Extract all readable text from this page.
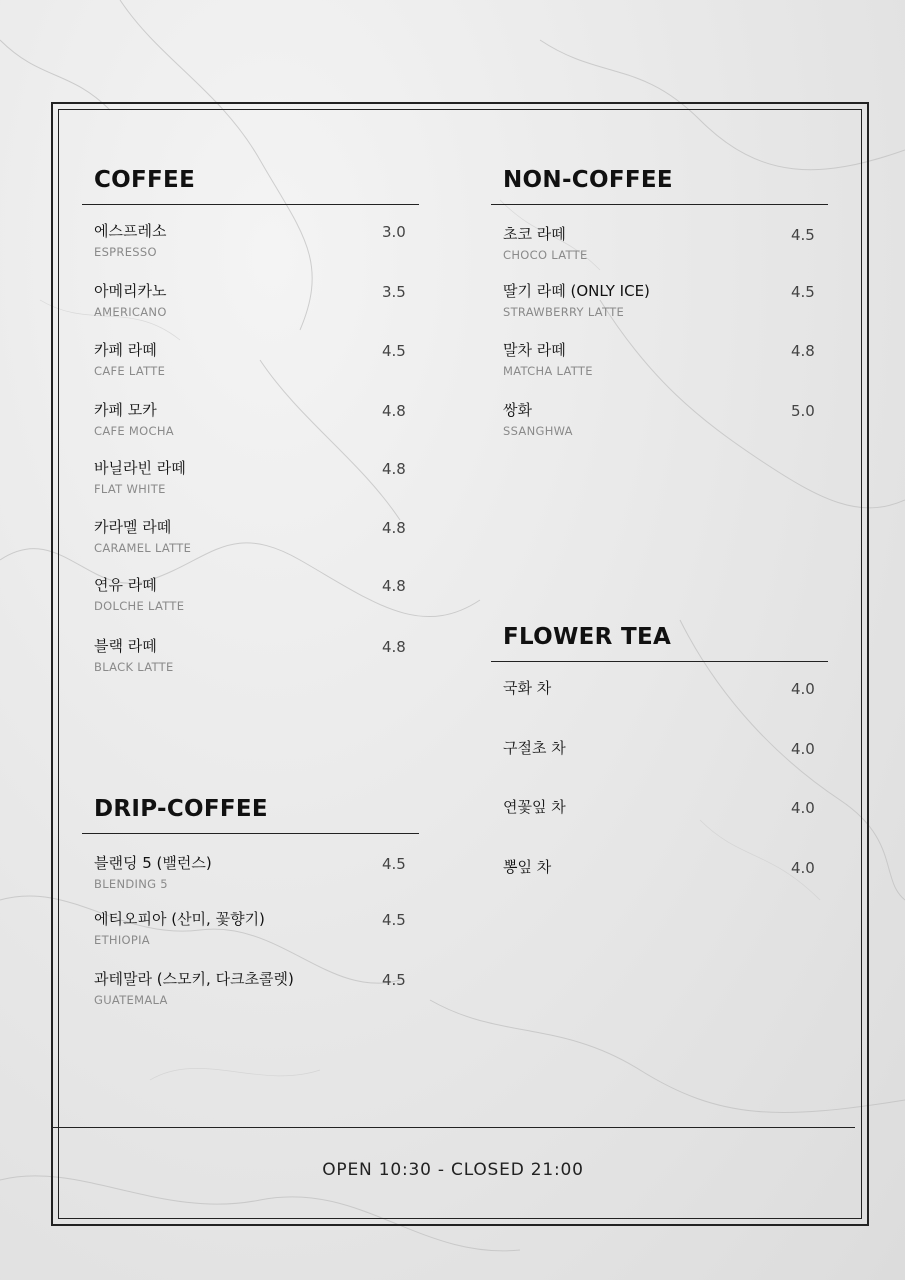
COFFEE
에스프레소
ESPRESSO
3.0
아메리카노
AMERICANO
3.5
카페 라떼
CAFE LATTE
4.5
카페 모카
CAFE MOCHA
4.8
바닐라빈 라떼
FLAT WHITE
4.8
카라멜 라떼
CARAMEL LATTE
4.8
연유 라떼
DOLCHE LATTE
4.8
블랙 라떼
BLACK LATTE
4.8
DRIP-COFFEE
블랜딩 5 (밸런스)
BLENDING 5
4.5
에티오피아 (산미, 꽃향기)
ETHIOPIA
4.5
과테말라 (스모키, 다크초콜렛)
GUATEMALA
4.5
NON-COFFEE
초코 라떼
CHOCO LATTE
4.5
딸기 라떼 (ONLY ICE)
STRAWBERRY LATTE
4.5
말차 라떼
MATCHA LATTE
4.8
쌍화
SSANGHWA
5.0
FLOWER TEA
국화 차	4.0
구절초 차	4.0
연꽃잎 차	4.0
뽕잎 차	4.0
OPEN 10:30 - CLOSED 21:00
